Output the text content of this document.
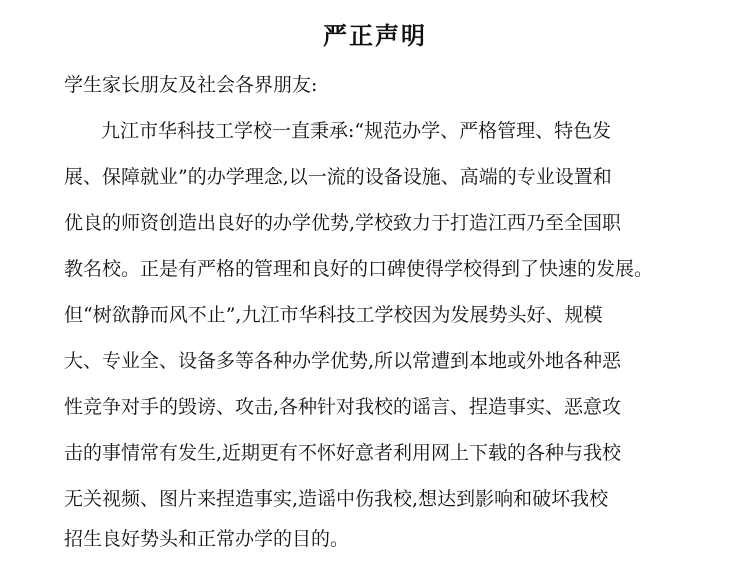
严正声明

学生家长朋友及社会各界朋友:

九江市华科技工学校一直秉承:“规范办学、严格管理、特色发

展、保障就业”的办学理念,以一流的设备设施、高端的专业设置和

优良的师资创造出良好的办学优势,学校致力于打造江西乃至全国职

教名校。正是有严格的管理和良好的口碑使得学校得到了快速的发展。

但“树欲静而风不止”,九江市华科技工学校因为发展势头好、规模

大、专业全、设备多等各种办学优势,所以常遭到本地或外地各种恶

性竞争对手的毁谤、攻击,各种针对我校的谣言、捏造事实、恶意攻

击的事情常有发生,近期更有不怀好意者利用网上下载的各种与我校

无关视频、图片来捏造事实,造谣中伤我校,想达到影响和破坏我校

招生良好势头和正常办学的目的。
